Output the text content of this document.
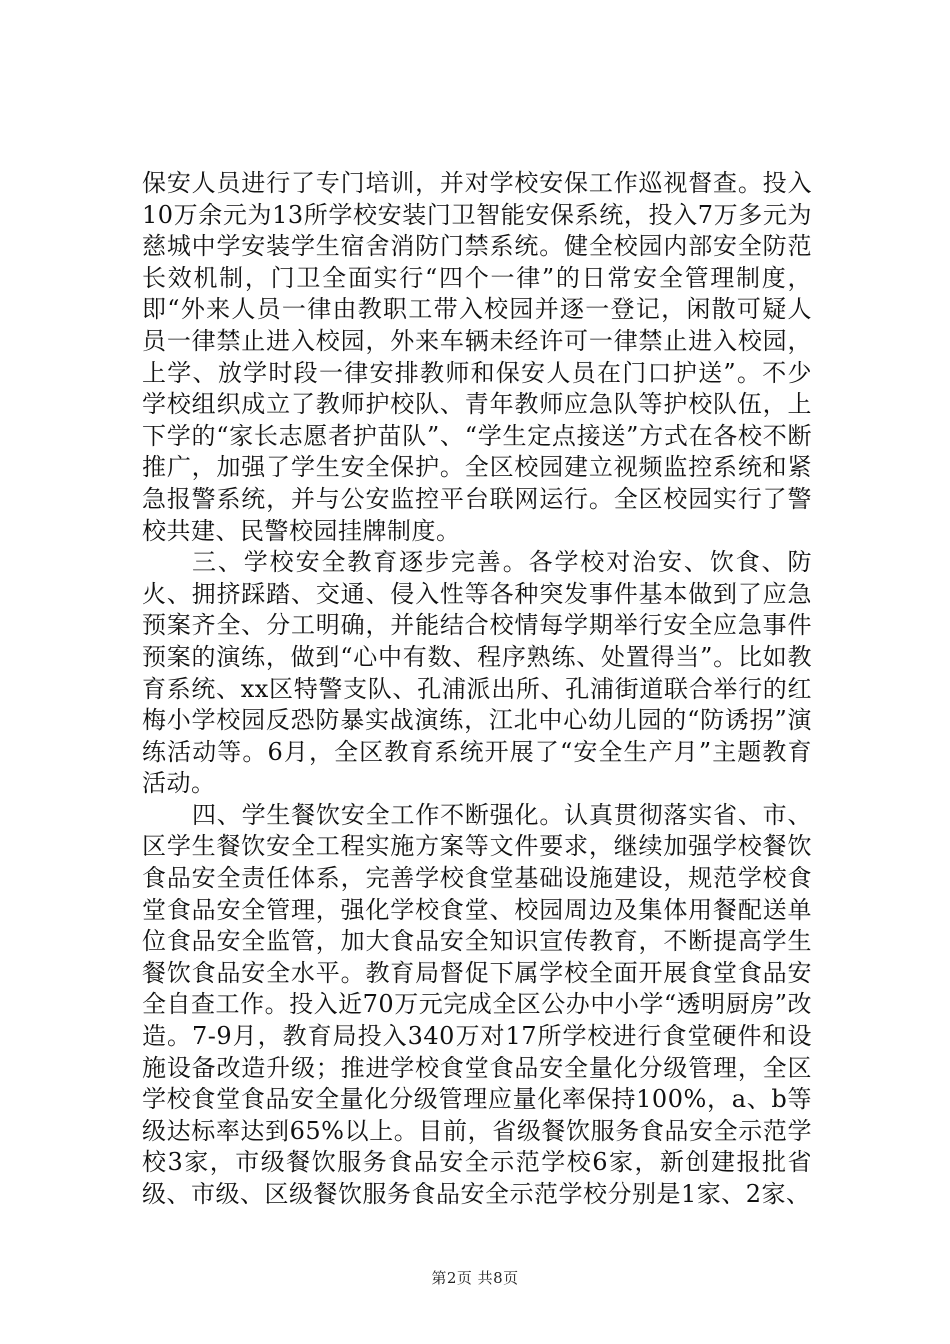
保安人员进行了专门培训，并对学校安保工作巡视督查。投入10万余元为13所学校安装门卫智能安保系统，投入7万多元为慈城中学安装学生宿舍消防门禁系统。健全校园内部安全防范长效机制，门卫全面实行“四个一律”的日常安全管理制度，即“外来人员一律由教职工带入校园并逐一登记，闲散可疑人员一律禁止进入校园，外来车辆未经许可一律禁止进入校园，上学、放学时段一律安排教师和保安人员在门口护送”。不少学校组织成立了教师护校队、青年教师应急队等护校队伍，上下学的“家长志愿者护苗队”、“学生定点接送”方式在各校不断推广，加强了学生安全保护。全区校园建立视频监控系统和紧急报警系统，并与公安监控平台联网运行。全区校园实行了警校共建、民警校园挂牌制度。

三、学校安全教育逐步完善。各学校对治安、饮食、防火、拥挤踩踏、交通、侵入性等各种突发事件基本做到了应急预案齐全、分工明确，并能结合校情每学期举行安全应急事件预案的演练，做到“心中有数、程序熟练、处置得当”。比如教育系统、xx区特警支队、孔浦派出所、孔浦街道联合举行的红梅小学校园反恐防暴实战演练，江北中心幼儿园的“防诱拐”演练活动等。6月，全区教育系统开展了“安全生产月”主题教育活动。

四、学生餐饮安全工作不断强化。认真贯彻落实省、市、区学生餐饮安全工程实施方案等文件要求，继续加强学校餐饮食品安全责任体系，完善学校食堂基础设施建设，规范学校食堂食品安全管理，强化学校食堂、校园周边及集体用餐配送单位食品安全监管，加大食品安全知识宣传教育，不断提高学生餐饮食品安全水平。教育局督促下属学校全面开展食堂食品安全自查工作。投入近70万元完成全区公办中小学“透明厨房”改造。7-9月，教育局投入340万对17所学校进行食堂硬件和设施设备改造升级；推进学校食堂食品安全量化分级管理，全区学校食堂食品安全量化分级管理应量化率保持100%，a、b等级达标率达到65%以上。目前，省级餐饮服务食品安全示范学校3家，市级餐饮服务食品安全示范学校6家，新创建报批省级、市级、区级餐饮服务食品安全示范学校分别是1家、2家、

第2页 共8页
